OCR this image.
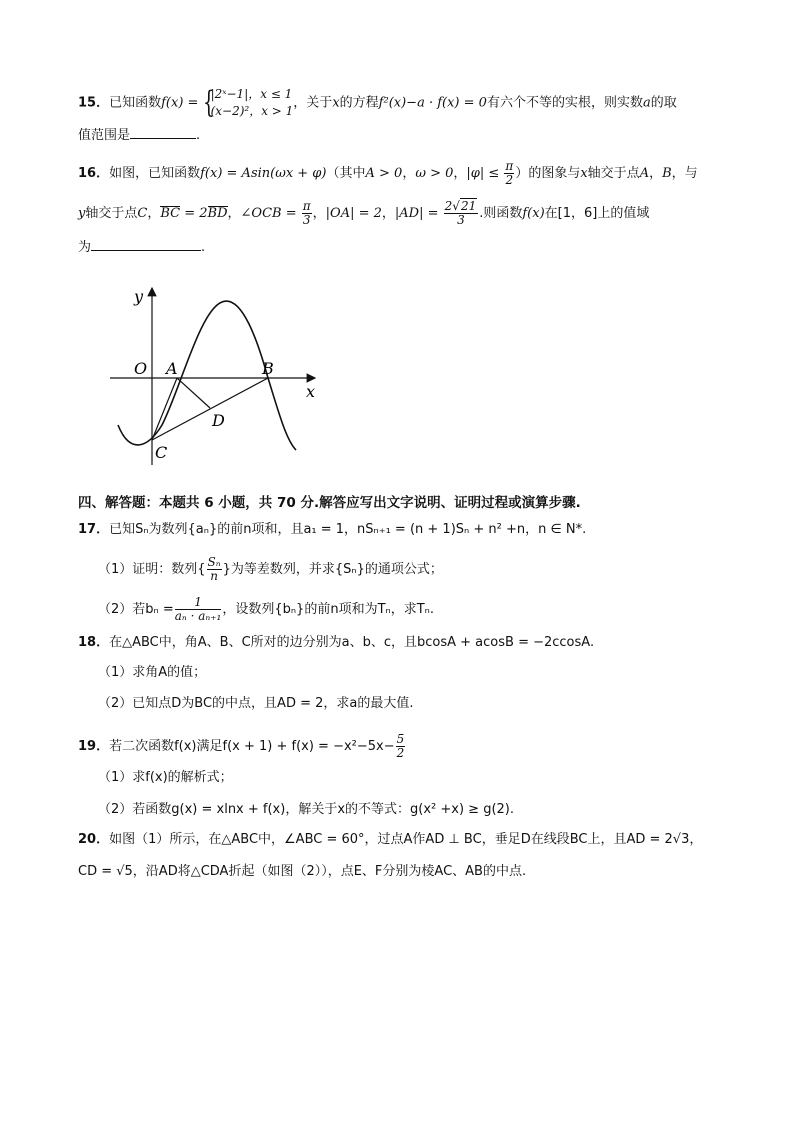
15．已知函数f(x) = {
|2ˣ−1|，x ≤ 1
(x−2)²，x > 1
，关于x的方程f²(x)−a · f(x) = 0有六个不等的实根，则实数a的取
值范围是	.
16．如图，已知函数f(x) = Asin(ωx + φ)（其中A > 0，ω > 0，$|\varphi| \le \frac{\pi}{2}$ ）的图象与x轴交于点A，B，与
y轴交于点C，BC = 2BD，∠OCB = $\frac{\pi}{3}$ ，|OA| = 2，$|AD| = \frac{2√21}{3}$ .则函数f(x)在[1，6]上的值域
为	.
y
x
O A	B
C
D
四、解答题：本题共 6 小题，共 70 分.解答应写出文字说明、证明过程或演算步骤.
17．已知Sₙ为数列{aₙ}的前n项和，且a₁ = 1，nSₙ₊₁ = (n + 1)Sₙ + n² +n，n ∈ N*.
（1）证明：数列{ $\frac{\text{Sₙ}}{n}$ }为等差数列，并求{Sₙ}的通项公式；
（2）若$b_n = \frac{1}{\text{aₙ · aₙ₊₁}}$ ，设数列{bₙ}的前n项和为Tₙ，求Tₙ.
18．在△ABC中，角A、B、C所对的边分别为a、b、c，且bcosA + acosB = −2ccosA.
（1）求角A的值；
（2）已知点D为BC的中点，且AD = 2，求a的最大值.
19．若二次函数f(x)满足$f(x + 1) + f(x) = -x^2-5x- \frac{5}{2}$
（1）求f(x)的解析式；
（2）若函数g(x) = xlnx + f(x)，解关于x的不等式：g(x² +x) ≥ g(2).
20．如图（1）所示，在△ABC中，∠ABC = 60°，过点A作AD ⊥ BC，垂足D在线段BC上，且AD = 2√3，
CD = √5，沿AD将△CDA折起（如图（2）），点E、F分别为棱AC、AB的中点.
